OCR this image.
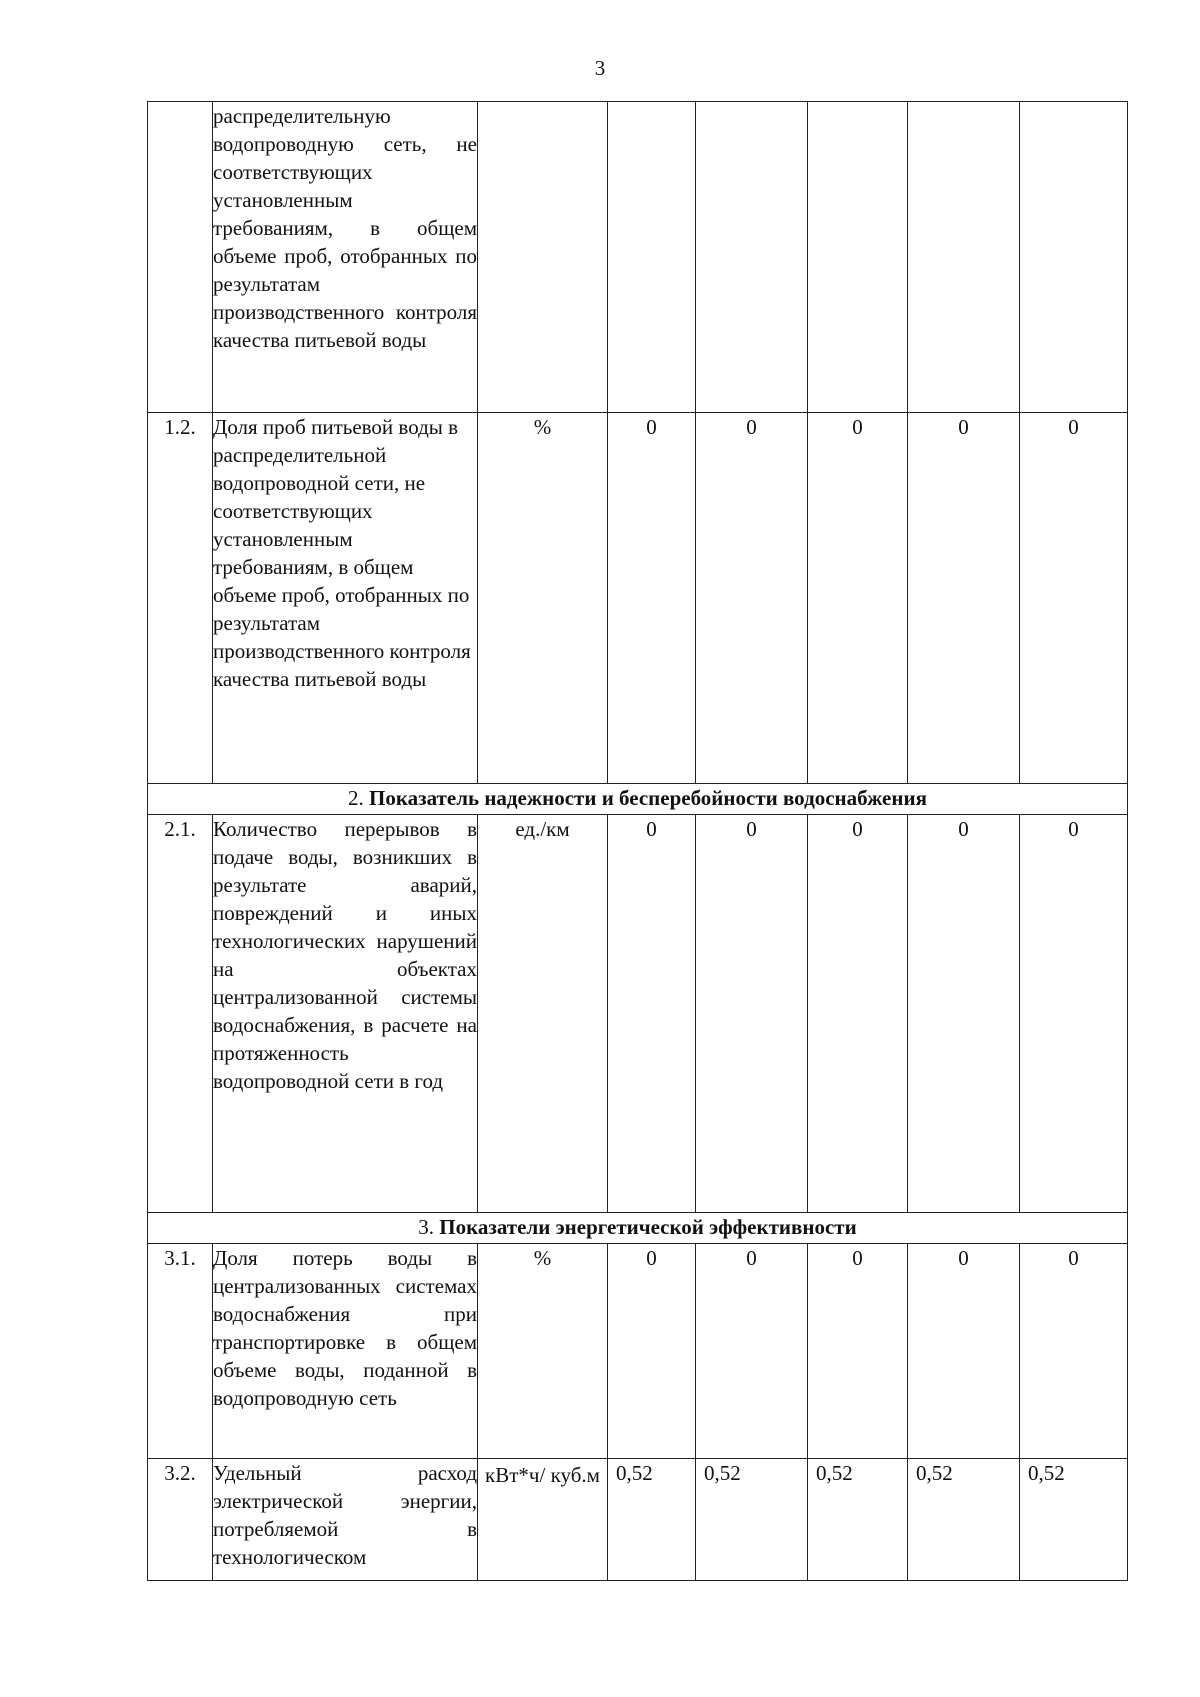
3
	распределительную водопроводную сеть, не соответствующих установленным требованиям, в общем объеме проб, отобранных по результатам производственного контроля качества питьевой воды						
1.2.	Доля проб питьевой воды в распределительной водопроводной сети, не соответствующих установленным требованиям, в общем объеме проб, отобранных по результатам производственного контроля качества питьевой воды	%	0	0	0	0	0
2. Показатель надежности и бесперебойности водоснабжения							
2.1.	Количество перерывов в подаче воды, возникших в результате аварий, повреждений и иных технологических нарушений на объектах централизованной системы водоснабжения, в расчете на протяженность водопроводной сети в год	ед./км	0	0	0	0	0
3. Показатели энергетической эффективности							
3.1.	Доля потерь воды в централизованных системах водоснабжения при транспортировке в общем объеме воды, поданной в водопроводную сеть	%	0	0	0	0	0
3.2.	Удельный расход электрической энергии, потребляемой в технологическом	кВт*ч/ куб.м	0,52	0,52	0,52	0,52	0,52
